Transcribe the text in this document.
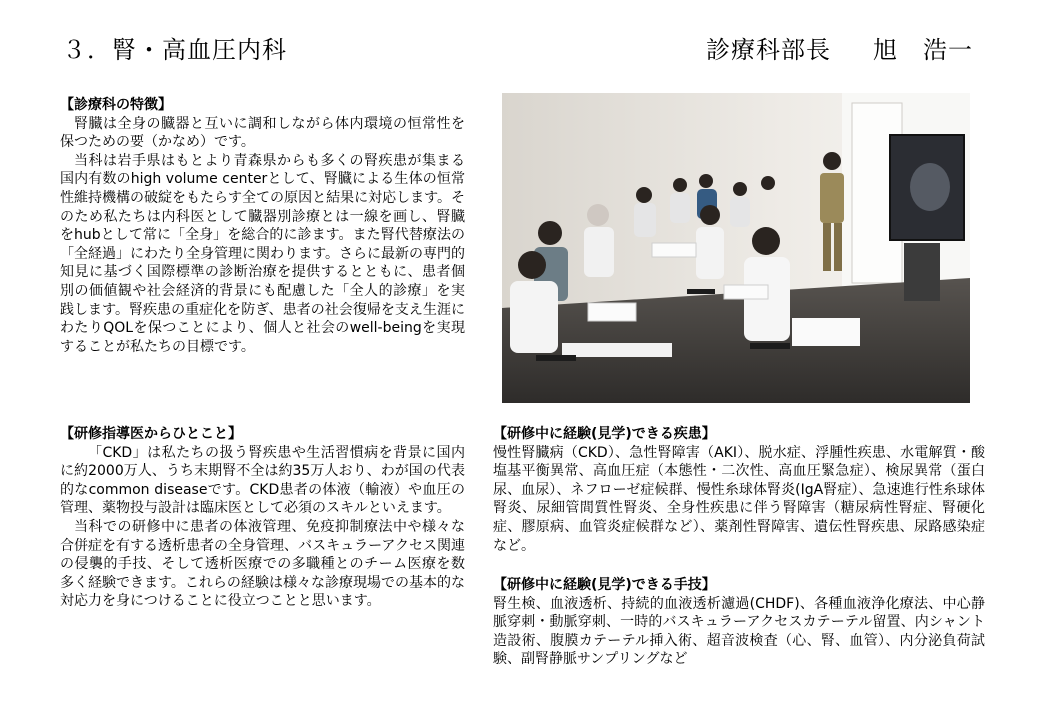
３．腎・高血圧内科	診療科部長 旭　浩一
【診療科の特徴】
腎臓は全身の臓器と互いに調和しながら体内環境の恒常性を保つための要（かなめ）です。
当科は岩手県はもとより青森県からも多くの腎疾患が集まる国内有数のhigh volume centerとして、腎臓による生体の恒常性維持機構の破綻をもたらす全ての原因と結果に対応します。そのため私たちは内科医として臓器別診療とは一線を画し、腎臓をhubとして常に「全身」を総合的に診ます。また腎代替療法の「全経過」にわたり全身管理に関わります。さらに最新の専門的知見に基づく国際標準の診断治療を提供するとともに、患者個別の価値観や社会経済的背景にも配慮した「全人的診療」を実践します。腎疾患の重症化を防ぎ、患者の社会復帰を支え生涯にわたりQOLを保つことにより、個人と社会のwell-beingを実現することが私たちの目標です。
【研修指導医からひとこと】
「CKD」は私たちの扱う腎疾患や生活習慣病を背景に国内に約2000万人、うち末期腎不全は約35万人おり、わが国の代表的なcommon diseaseです。CKD患者の体液（輸液）や血圧の管理、薬物投与設計は臨床医として必須のスキルといえます。
当科での研修中に患者の体液管理、免疫抑制療法中や様々な合併症を有する透析患者の全身管理、バスキュラーアクセス関連の侵襲的手技、そして透析医療での多職種とのチーム医療を数多く経験できます。これらの経験は様々な診療現場での基本的な対応力を身につけることに役立つことと思います。
【研修中に経験(見学)できる疾患】
慢性腎臓病（CKD）、急性腎障害（AKI）、脱水症、浮腫性疾患、水電解質・酸塩基平衡異常、高血圧症（本態性・二次性、高血圧緊急症）、検尿異常（蛋白尿、血尿）、ネフローゼ症候群、慢性糸球体腎炎(IgA腎症）、急速進行性糸球体腎炎、尿細管間質性腎炎、全身性疾患に伴う腎障害（糖尿病性腎症、腎硬化症、膠原病、血管炎症候群など）、薬剤性腎障害、遺伝性腎疾患、尿路感染症など。
【研修中に経験(見学)できる手技】
腎生検、血液透析、持続的血液透析濾過(CHDF)、各種血液浄化療法、中心静脈穿刺・動脈穿刺、一時的バスキュラーアクセスカテーテル留置、内シャント造設術、腹膜カテーテル挿入術、超音波検査（心、腎、血管）、内分泌負荷試験、副腎静脈サンプリングなど
